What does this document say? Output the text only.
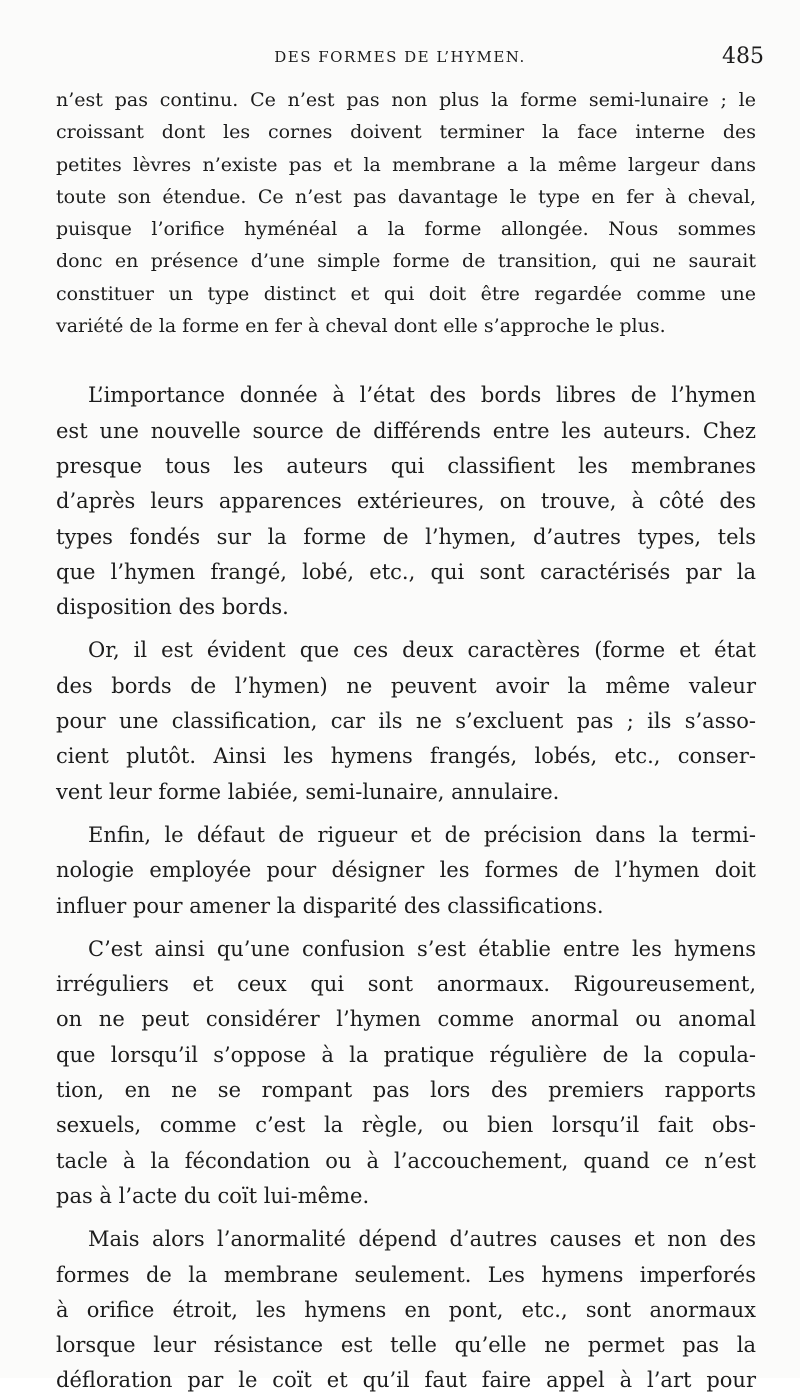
DES FORMES DE L’HYMEN.	485
n’est pas continu. Ce n’est pas non plus la forme semi-lunaire ; le
croissant dont les cornes doivent terminer la face interne des
petites lèvres n’existe pas et la membrane a la même largeur dans
toute son étendue. Ce n’est pas davantage le type en fer à cheval,
puisque l’orifice hyménéal a la forme allongée. Nous sommes
donc en présence d’une simple forme de transition, qui ne saurait
constituer un type distinct et qui doit être regardée comme une
variété de la forme en fer à cheval dont elle s’approche le plus.
L’importance donnée à l’état des bords libres de l’hymen
est une nouvelle source de différends entre les auteurs. Chez
presque tous les auteurs qui classifient les membranes
d’après leurs apparences extérieures, on trouve, à côté des
types fondés sur la forme de l’hymen, d’autres types, tels
que l’hymen frangé, lobé, etc., qui sont caractérisés par la
disposition des bords.
Or, il est évident que ces deux caractères (forme et état
des bords de l’hymen) ne peuvent avoir la même valeur
pour une classification, car ils ne s’excluent pas ; ils s’asso-
cient plutôt. Ainsi les hymens frangés, lobés, etc., conser-
vent leur forme labiée, semi-lunaire, annulaire.
Enfin, le défaut de rigueur et de précision dans la termi-
nologie employée pour désigner les formes de l’hymen doit
influer pour amener la disparité des classifications.
C’est ainsi qu’une confusion s’est établie entre les hymens
irréguliers et ceux qui sont anormaux. Rigoureusement,
on ne peut considérer l’hymen comme anormal ou anomal
que lorsqu’il s’oppose à la pratique régulière de la copula-
tion, en ne se rompant pas lors des premiers rapports
sexuels, comme c’est la règle, ou bien lorsqu’il fait obs-
tacle à la fécondation ou à l’accouchement, quand ce n’est
pas à l’acte du coït lui-même.
Mais alors l’anormalité dépend d’autres causes et non des
formes de la membrane seulement. Les hymens imperforés
à orifice étroit, les hymens en pont, etc., sont anormaux
lorsque leur résistance est telle qu’elle ne permet pas la
défloration par le coït et qu’il faut faire appel à l’art pour
